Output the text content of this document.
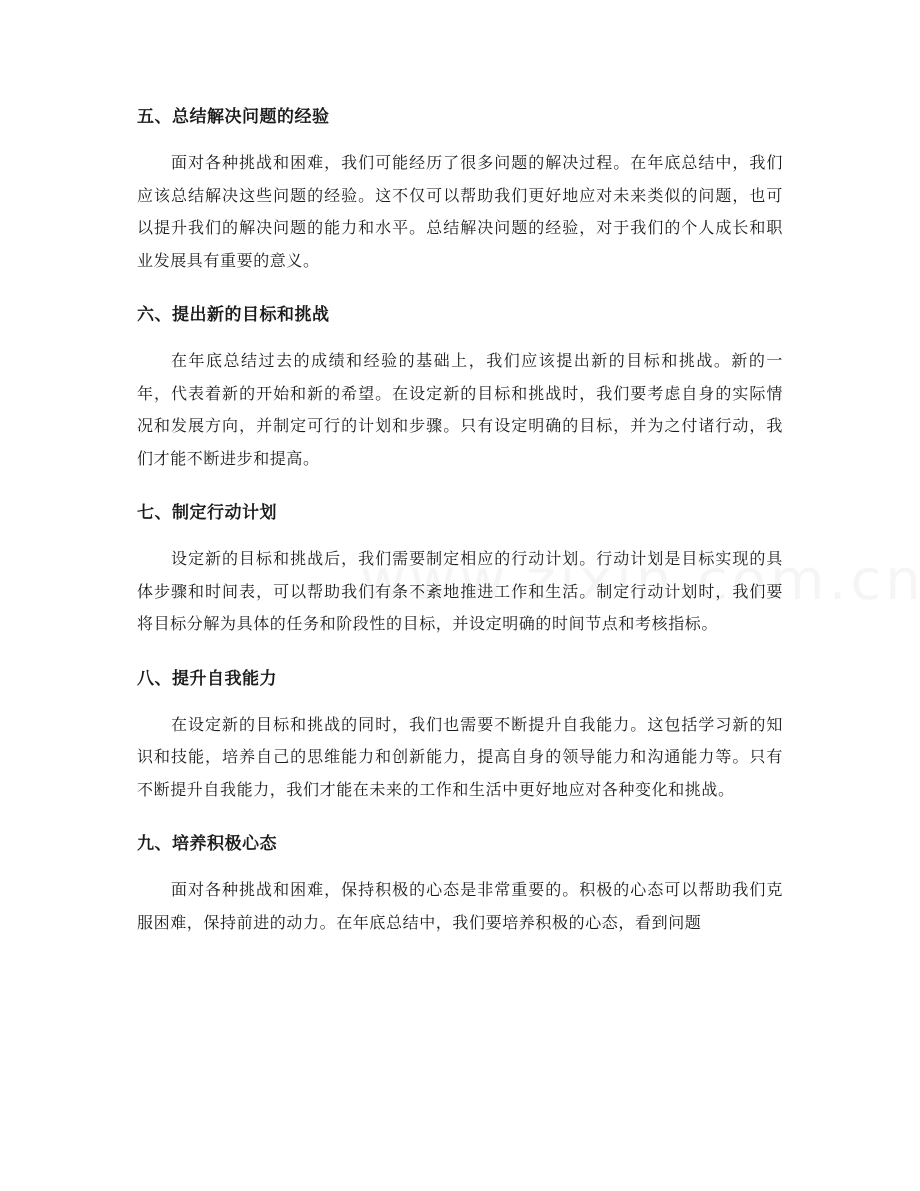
五、总结解决问题的经验

面对各种挑战和困难，我们可能经历了很多问题的解决过程。在年底总结中，我们应该总结解决这些问题的经验。这不仅可以帮助我们更好地应对未来类似的问题，也可以提升我们的解决问题的能力和水平。总结解决问题的经验，对于我们的个人成长和职业发展具有重要的意义。

六、提出新的目标和挑战

在年底总结过去的成绩和经验的基础上，我们应该提出新的目标和挑战。新的一年，代表着新的开始和新的希望。在设定新的目标和挑战时，我们要考虑自身的实际情况和发展方向，并制定可行的计划和步骤。只有设定明确的目标，并为之付诸行动，我们才能不断进步和提高。

七、制定行动计划

设定新的目标和挑战后，我们需要制定相应的行动计划。行动计划是目标实现的具体步骤和时间表，可以帮助我们有条不紊地推进工作和生活。制定行动计划时，我们要将目标分解为具体的任务和阶段性的目标，并设定明确的时间节点和考核指标。

八、提升自我能力

在设定新的目标和挑战的同时，我们也需要不断提升自我能力。这包括学习新的知识和技能，培养自己的思维能力和创新能力，提高自身的领导能力和沟通能力等。只有不断提升自我能力，我们才能在未来的工作和生活中更好地应对各种变化和挑战。

九、培养积极心态

面对各种挑战和困难，保持积极的心态是非常重要的。积极的心态可以帮助我们克服困难，保持前进的动力。在年底总结中，我们要培养积极的心态，看到问题
